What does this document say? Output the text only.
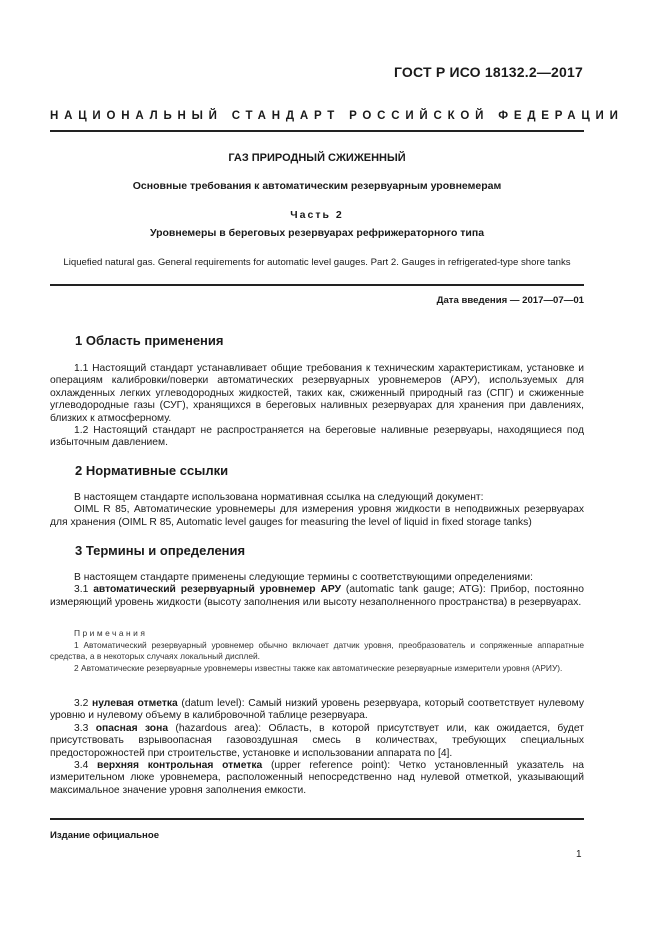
ГОСТ Р ИСО 18132.2—2017
НАЦИОНАЛЬНЫЙ СТАНДАРТ РОССИЙСКОЙ ФЕДЕРАЦИИ
ГАЗ ПРИРОДНЫЙ СЖИЖЕННЫЙ
Основные требования к автоматическим резервуарным уровнемерам
Часть 2
Уровнемеры в береговых резервуарах рефрижераторного типа
Liquefied natural gas. General requirements for automatic level gauges. Part 2. Gauges in refrigerated-type shore tanks
Дата введения — 2017—07—01
1 Область применения

1.1 Настоящий стандарт устанавливает общие требования к техническим характеристикам, установке и операциям калибровки/поверки автоматических резервуарных уровнемеров (АРУ), используемых для охлажденных легких углеводородных жидкостей, таких как, сжиженный природный газ (СПГ) и сжиженные углеводородные газы (СУГ), хранящихся в береговых наливных резервуарах для хранения при давлениях, близких к атмосферному.

1.2 Настоящий стандарт не распространяется на береговые наливные резервуары, находящиеся под избыточным давлением.

2 Нормативные ссылки

В настоящем стандарте использована нормативная ссылка на следующий документ:

OIML R 85, Автоматические уровнемеры для измерения уровня жидкости в неподвижных резервуарах для хранения (OIML R 85, Automatic level gauges for measuring the level of liquid in fixed storage tanks)

3 Термины и определения

В настоящем стандарте применены следующие термины с соответствующими определениями:

3.1 автоматический резервуарный уровнемер АРУ (automatic tank gauge; ATG): Прибор, постоянно измеряющий уровень жидкости (высоту заполнения или высоту незаполненного пространства) в резервуарах.

Примечания

1 Автоматический резервуарный уровнемер обычно включает датчик уровня, преобразователь и сопряженные аппаратные средства, а в некоторых случаях локальный дисплей.

2 Автоматические резервуарные уровнемеры известны также как автоматические резервуарные измерители уровня (АРИУ).

3.2 нулевая отметка (datum level): Самый низкий уровень резервуара, который соответствует нулевому уровню и нулевому объему в калибровочной таблице резервуара.

3.3 опасная зона (hazardous area): Область, в которой присутствует или, как ожидается, будет присутствовать взрывоопасная газовоздушная смесь в количествах, требующих специальных предосторожностей при строительстве, установке и использовании аппарата по [4].

3.4 верхняя контрольная отметка (upper reference point): Четко установленный указатель на измерительном люке уровнемера, расположенный непосредственно над нулевой отметкой, указывающий максимальное значение уровня заполнения емкости.

Издание официальное
1
